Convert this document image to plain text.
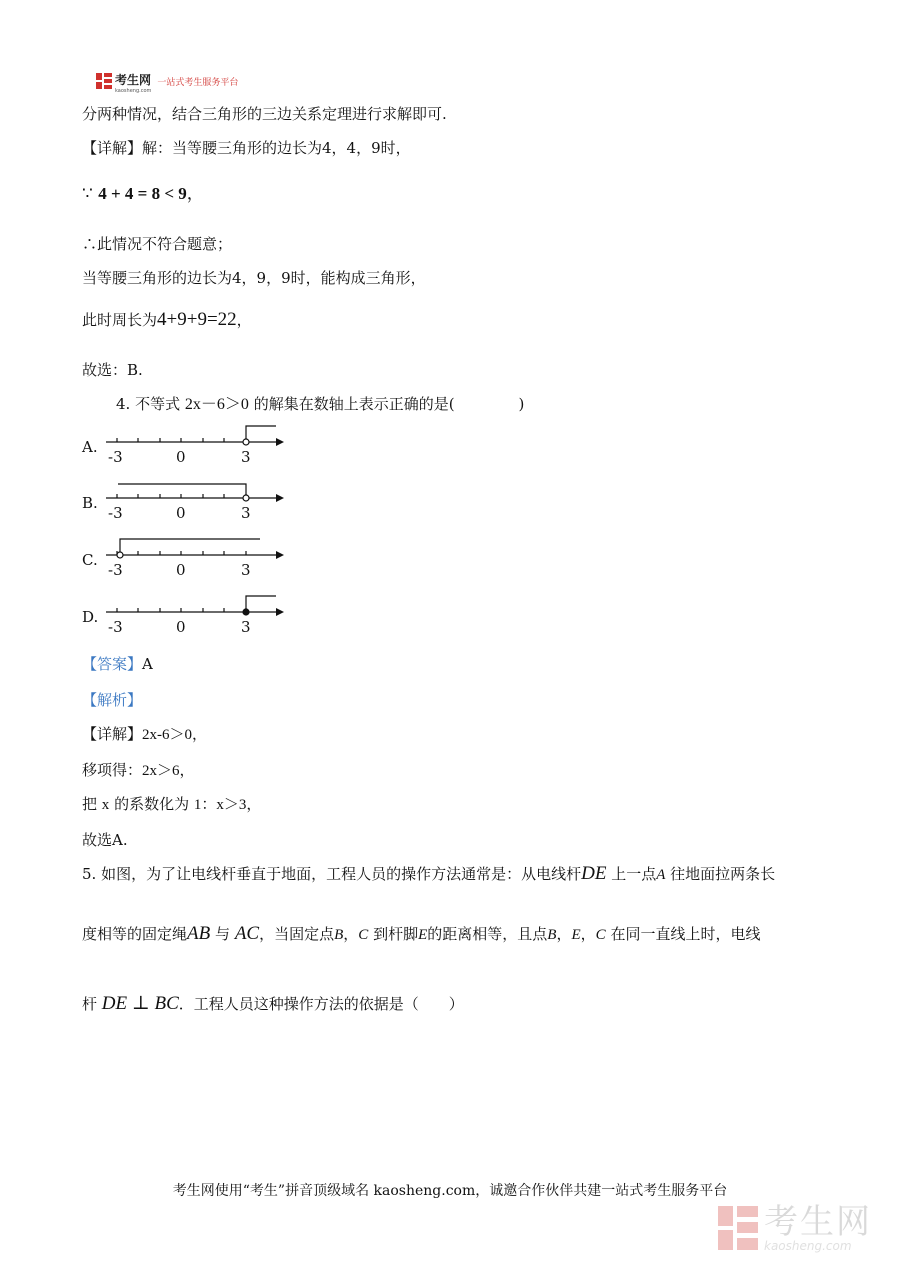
考生网
kaosheng.com
一站式考生服务平台
分两种情况，结合三角形的三边关系定理进行求解即可.
【详解】解：当等腰三角形的边长为4，4，9时，
∵ 4 + 4 = 8 < 9，
∴此情况不符合题意；
当等腰三角形的边长为4，9，9时，能构成三角形，
此时周长为4+9+9=22，
故选：B.
4. 不等式 2x－6＞0 的解集在数轴上表示正确的是(	)
A.
-3	0	3
B.
-3	0	3
C.
-3	0	3
D.
-3	0	3
【答案】A
【解析】
【详解】2x-6＞0，
移项得：2x＞6，
把 x 的系数化为 1：x＞3，
故选A.
5. 如图，为了让电线杆垂直于地面，工程人员的操作方法通常是：从电线杆DE 上一点A 往地面拉两条长
度相等的固定绳AB 与 AC，当固定点B，C 到杆脚E的距离相等，且点B，E，C 在同一直线上时，电线
杆 DE ⊥ BC．工程人员这种操作方法的依据是（　　）
考生网使用“考生”拼音顶级域名 kaosheng.com，诚邀合作伙伴共建一站式考生服务平台
考生网
kaosheng.com
